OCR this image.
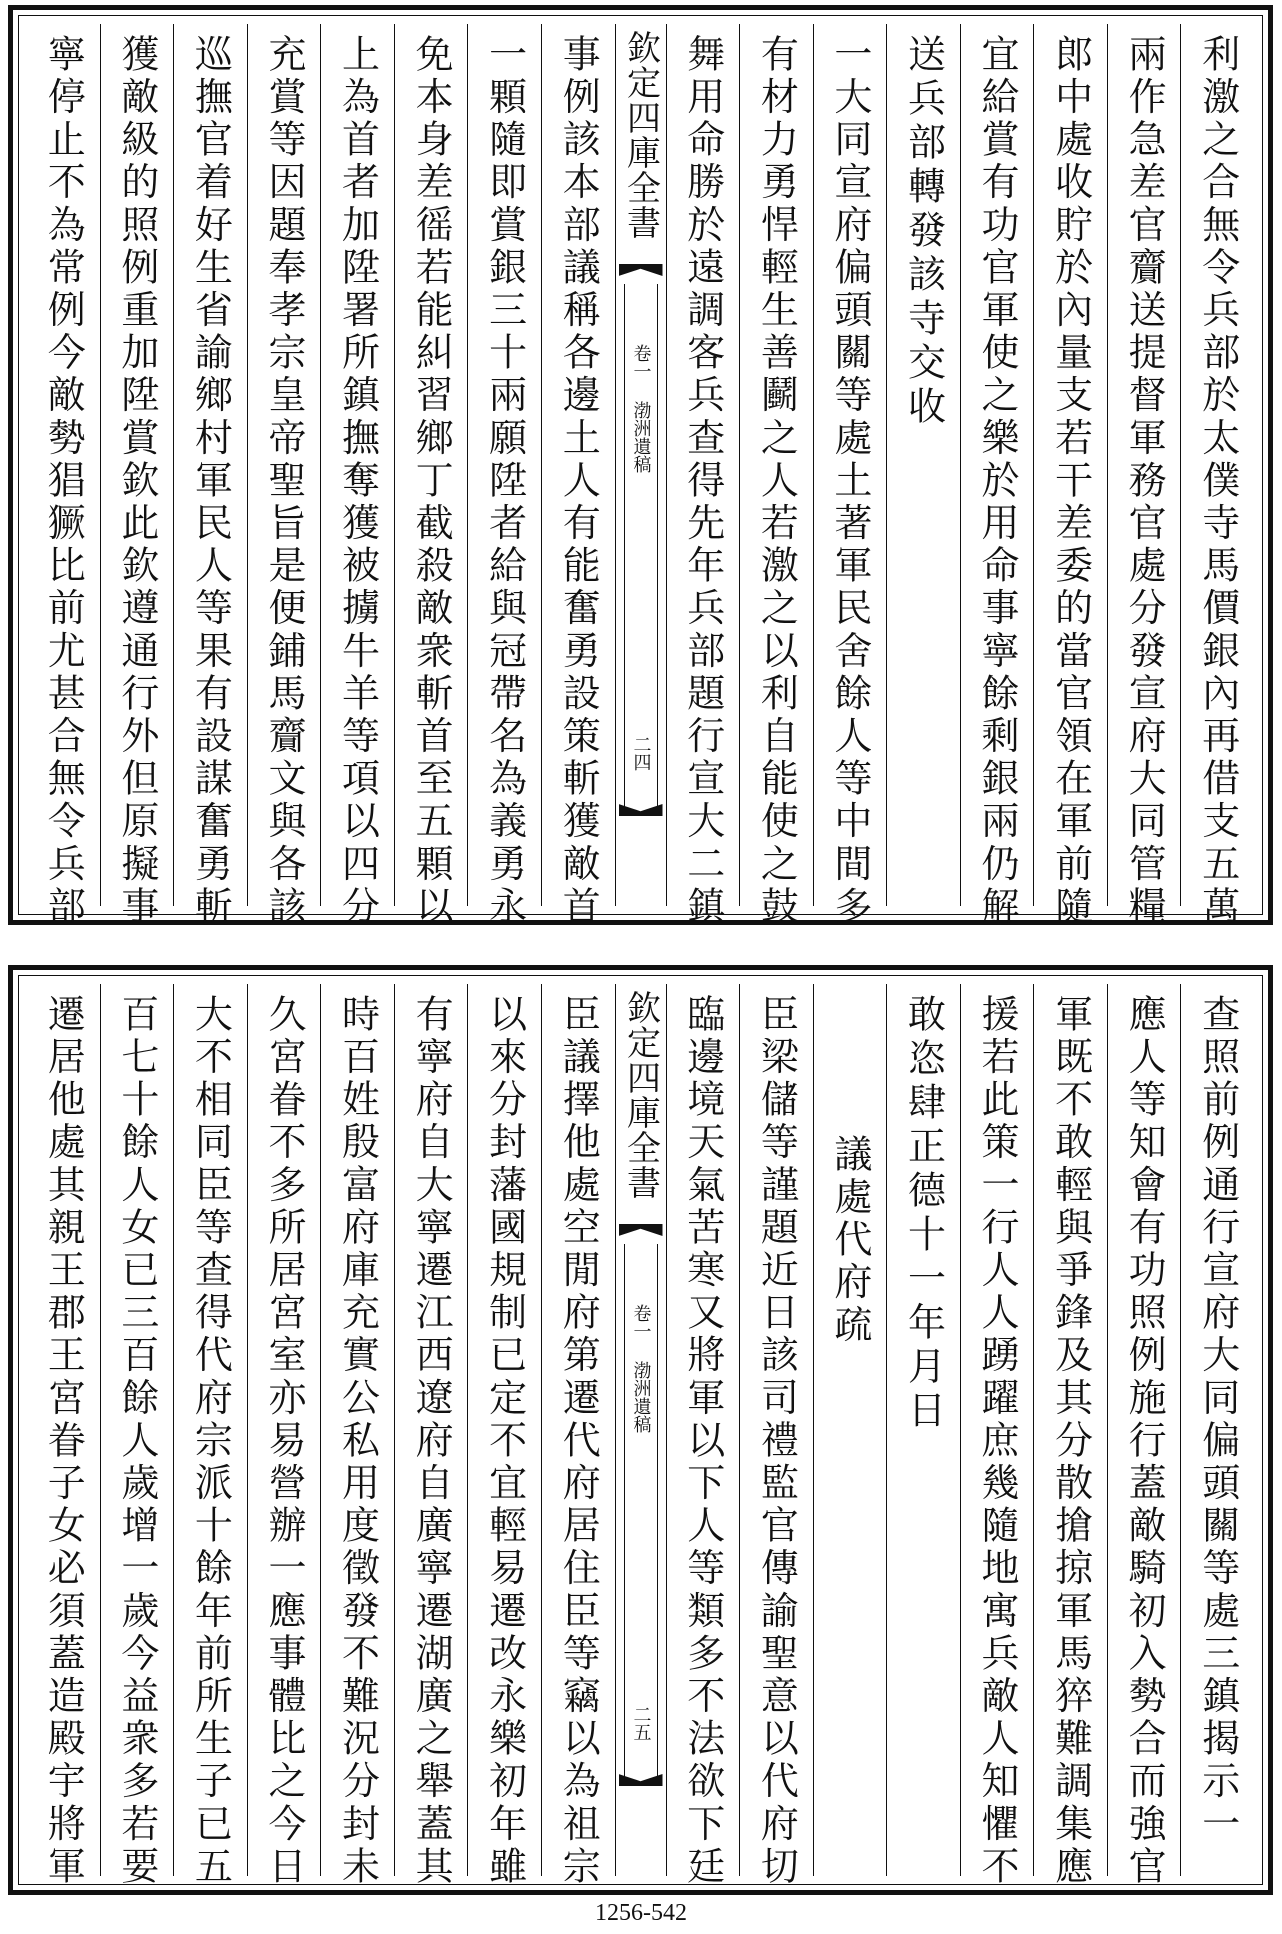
利激之合無令兵部於太僕寺馬價銀內再借支五萬
兩作急差官齎送提督軍務官處分發宣府大同管糧
郎中處收貯於內量支若干差委的當官領在軍前隨
宜給賞有功官軍使之樂於用命事寧餘剩銀兩仍解
送兵部轉發該寺交收
一大同宣府偏頭關等處土著軍民舍餘人等中間多
有材力勇悍輕生善鬬之人若激之以利自能使之鼓
舞用命勝於遠調客兵查得先年兵部題行宣大二鎮
欽定四庫全書
卷一 渤洲遺稿
二四
事例該本部議稱各邊土人有能奮勇設策斬獲敵首
一顆隨即賞銀三十兩願陞者給與冠帶名為義勇永
免本身差徭若能糾習鄉丁截殺敵衆斬首至五顆以
上為首者加陞署所鎮撫奪獲被擄牛羊等項以四分
充賞等因題奉孝宗皇帝聖旨是便鋪馬齎文與各該
巡撫官着好生省諭鄉村軍民人等果有設謀奮勇斬
獲敵級的照例重加陞賞欽此欽遵通行外但原擬事
寧停止不為常例今敵勢猖獗比前尤甚合無令兵部
查照前例通行宣府大同偏頭關等處三鎮揭示一
應人等知會有功照例施行蓋敵騎初入勢合而強官
軍既不敢輕與爭鋒及其分散搶掠軍馬猝難調集應
援若此策一行人人踴躍庶幾隨地寓兵敵人知懼不
敢恣肆正德十一年月日
議處代府疏
臣梁儲等謹題近日該司禮監官傳諭聖意以代府切
臨邊境天氣苦寒又將軍以下人等類多不法欲下廷
欽定四庫全書
卷一 渤洲遺稿
二五
臣議擇他處空閒府第遷代府居住臣等竊以為祖宗
以來分封藩國規制已定不宜輕易遷改永樂初年雖
有寧府自大寧遷江西遼府自廣寧遷湖廣之舉蓋其
時百姓殷富府庫充實公私用度徵發不難況分封未
久宮眷不多所居宮室亦易營辦一應事體比之今日
大不相同臣等查得代府宗派十餘年前所生子已五
百七十餘人女已三百餘人歲增一歲今益衆多若要
遷居他處其親王郡王宮眷子女必須蓋造殿宇將軍
1256-542
